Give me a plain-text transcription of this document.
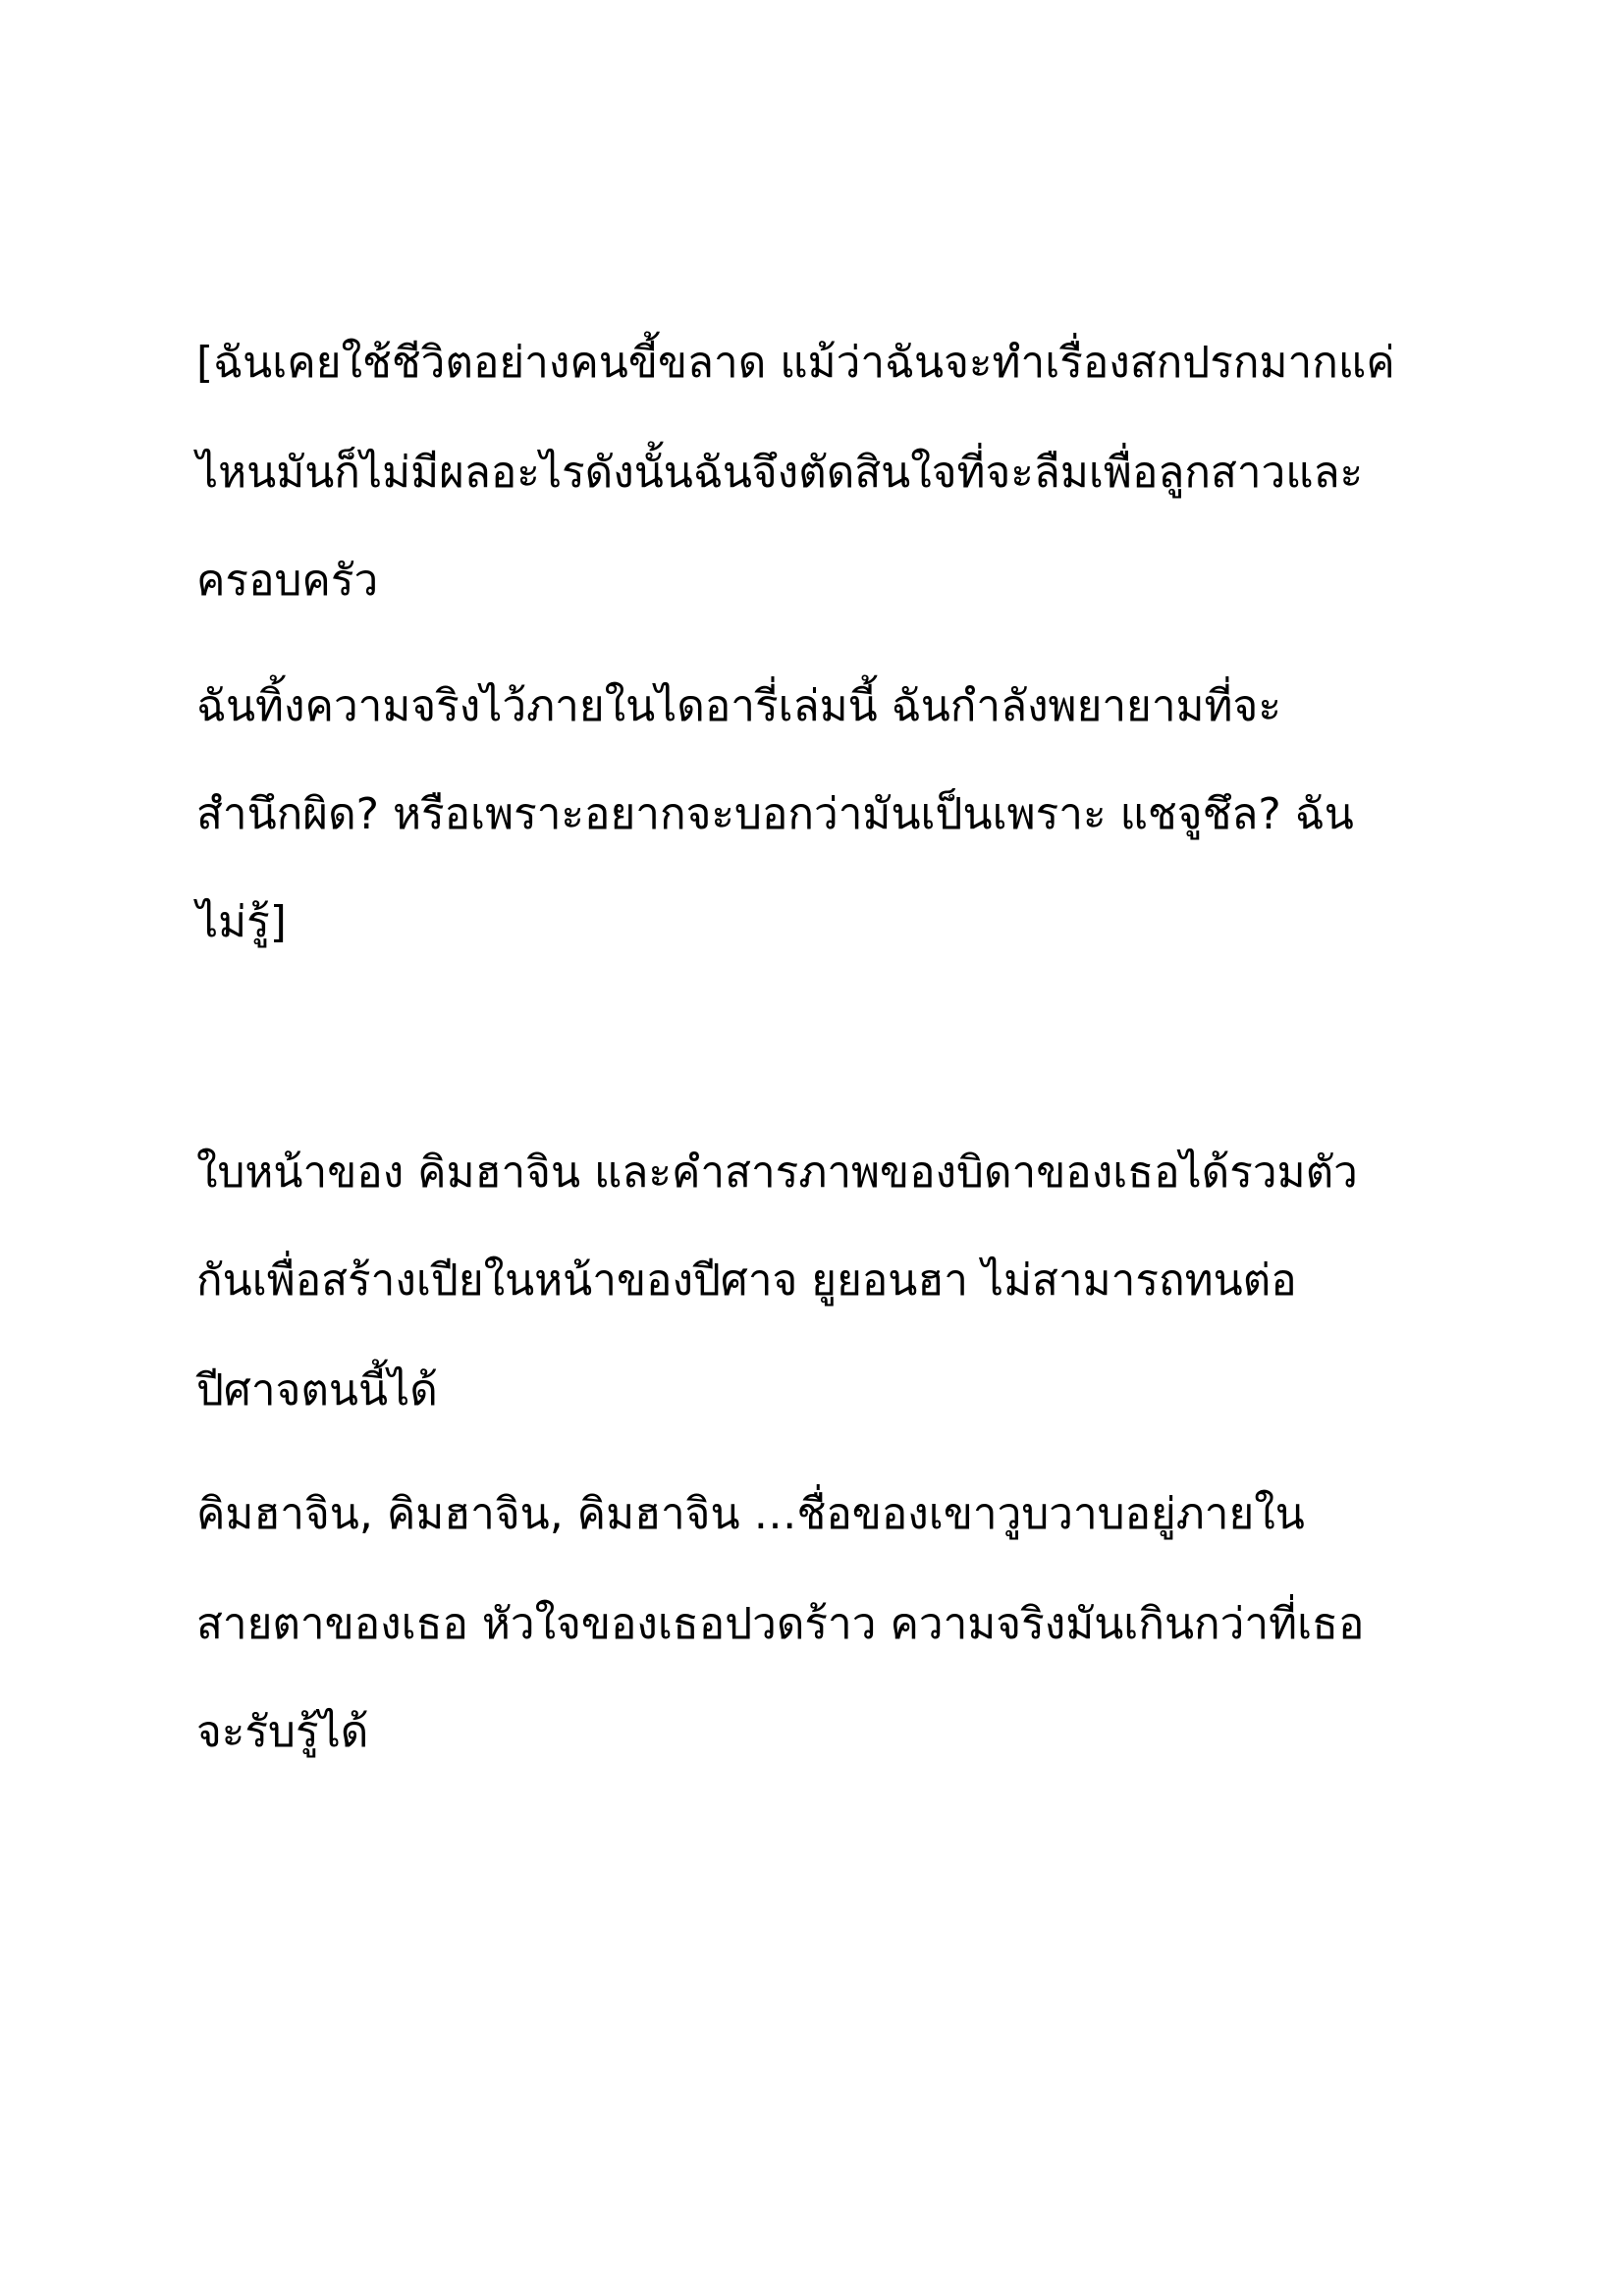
[ฉันเคยใช้ชีวิตอย่างคนขี้ขลาด แม้ว่าฉันจะทำเรื่องสกปรกมากแค่

ไหนมันก็ไม่มีผลอะไรดังนั้นฉันจึงตัดสินใจที่จะลืมเพื่อลูกสาวและ

ครอบครัว

ฉันทิ้งความจริงไว้ภายในไดอารี่เล่มนี้ ฉันกำลังพยายามที่จะ

สำนึกผิด? หรือเพราะอยากจะบอกว่ามันเป็นเพราะ แชจูชึล? ฉัน

ไม่รู้]

ใบหน้าของ คิมฮาจิน และคำสารภาพของบิดาของเธอได้รวมตัว

กันเพื่อสร้างเปียในหน้าของปีศาจ ยูยอนฮา ไม่สามารถทนต่อ

ปีศาจตนนี้ได้

คิมฮาจิน, คิมฮาจิน, คิมฮาจิน …ชื่อของเขาวูบวาบอยู่ภายใน

สายตาของเธอ หัวใจของเธอปวดร้าว ความจริงมันเกินกว่าที่เธอ

จะรับรู้ได้
